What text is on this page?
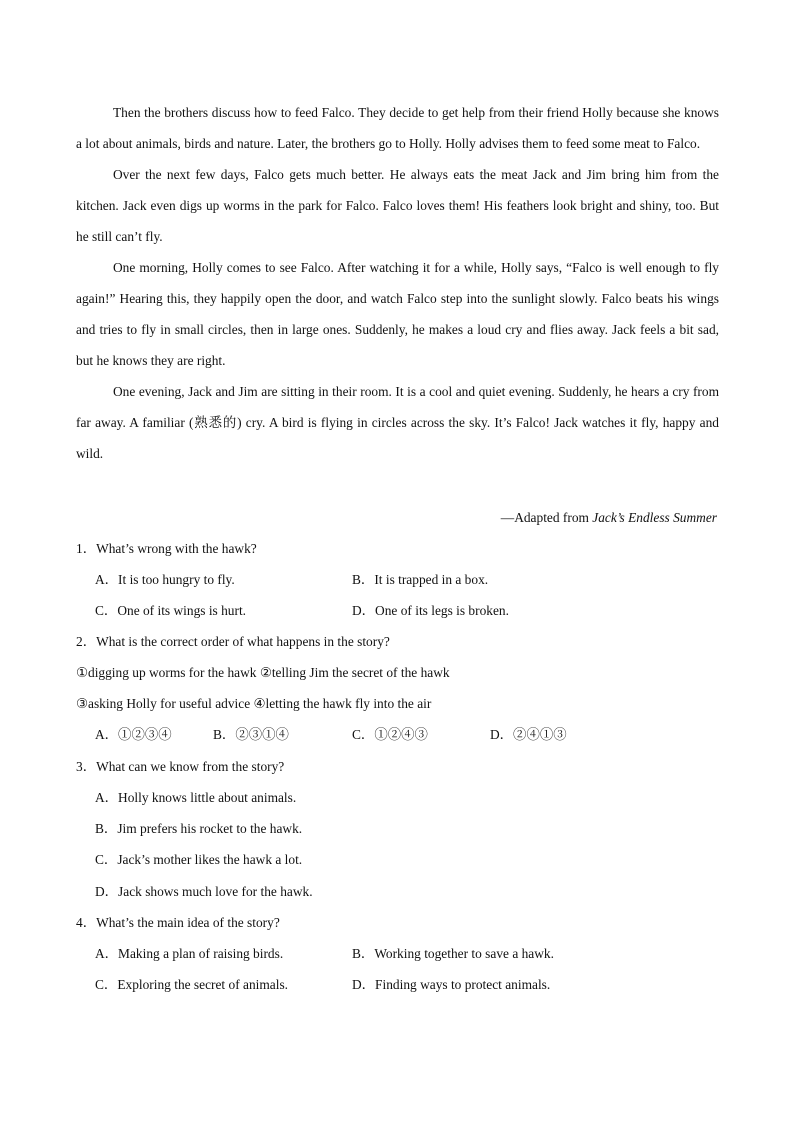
Then the brothers discuss how to feed Falco. They decide to get help from their friend Holly because she knows a lot about animals, birds and nature. Later, the brothers go to Holly. Holly advises them to feed some meat to Falco.

Over the next few days, Falco gets much better. He always eats the meat Jack and Jim bring him from the kitchen. Jack even digs up worms in the park for Falco. Falco loves them! His feathers look bright and shiny, too. But he still can’t fly.

One morning, Holly comes to see Falco. After watching it for a while, Holly says, “Falco is well enough to fly again!” Hearing this, they happily open the door, and watch Falco step into the sunlight slowly. Falco beats his wings and tries to fly in small circles, then in large ones. Suddenly, he makes a loud cry and flies away. Jack feels a bit sad, but he knows they are right.

One evening, Jack and Jim are sitting in their room. It is a cool and quiet evening. Suddenly, he hears a cry from far away. A familiar (熟悉的) cry. A bird is flying in circles across the sky. It’s Falco! Jack watches it fly, happy and wild.

—Adapted from Jack’s Endless Summer
1．What’s wrong with the hawk?
A．It is too hungry to fly.	B．It is trapped in a box.
C．One of its wings is hurt.	D．One of its legs is broken.
2．What is the correct order of what happens in the story?
①digging up worms for the hawk ②telling Jim the secret of the hawk
③asking Holly for useful advice ④letting the hawk fly into the air
A．①②③④	B．②③①④	C．①②④③	D．②④①③
3．What can we know from the story?
A．Holly knows little about animals.
B．Jim prefers his rocket to the hawk.
C．Jack’s mother likes the hawk a lot.
D．Jack shows much love for the hawk.
4．What’s the main idea of the story?
A．Making a plan of raising birds.	B．Working together to save a hawk.
C．Exploring the secret of animals.	D．Finding ways to protect animals.
